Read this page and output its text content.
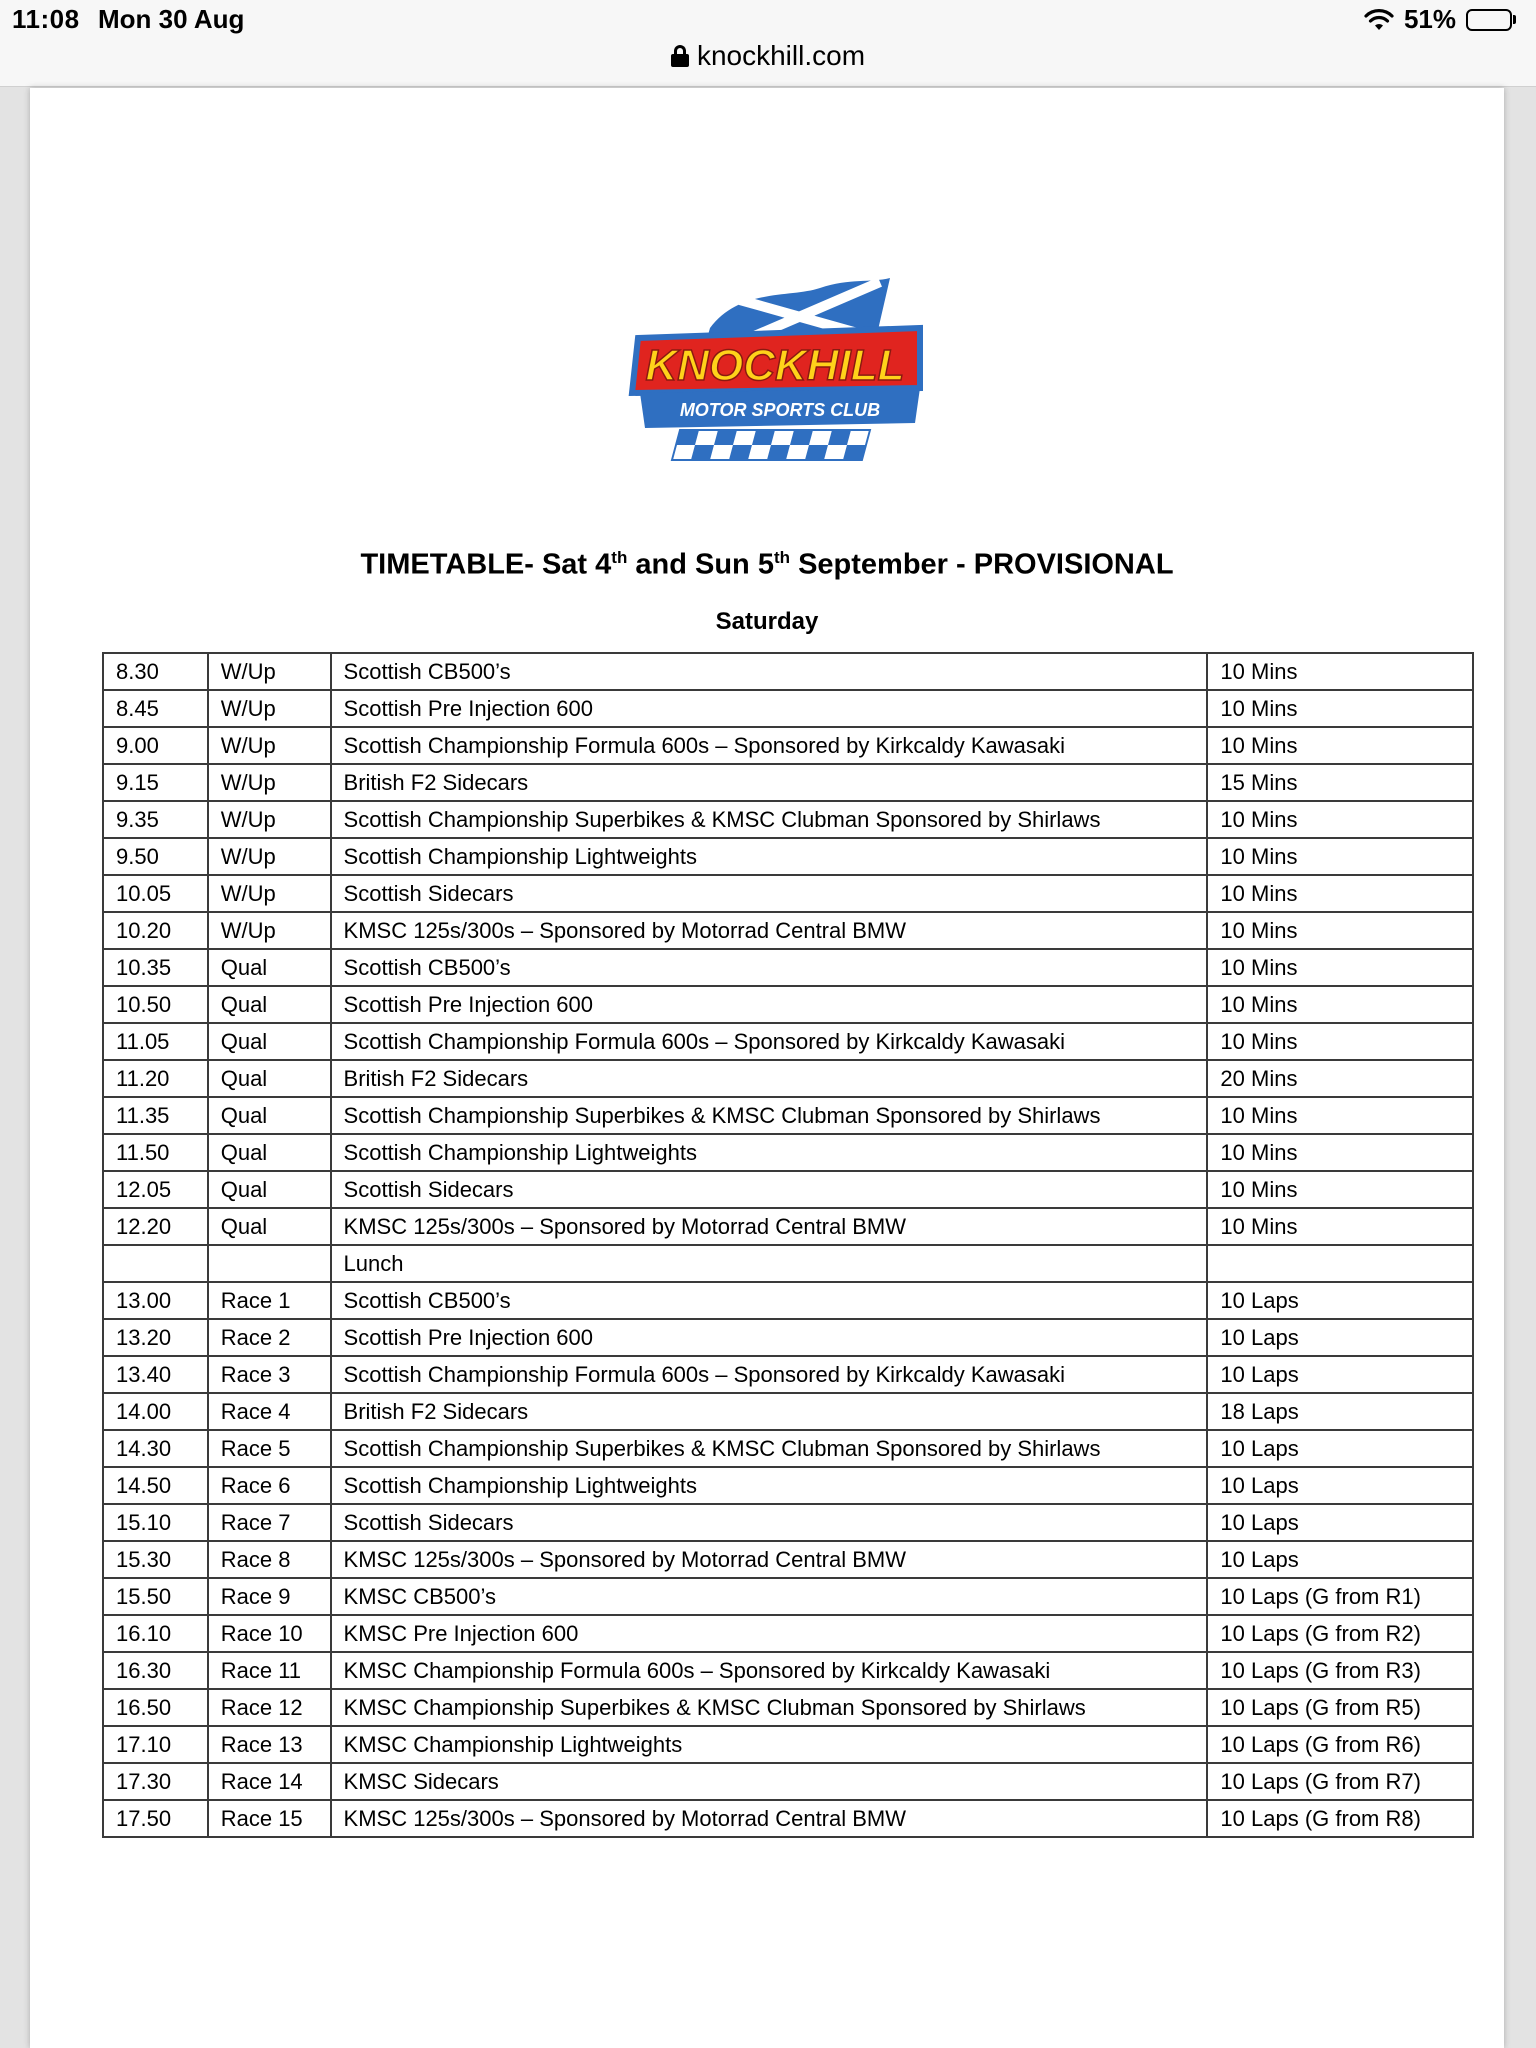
11:08 Mon 30 Aug	51%
knockhill.com
KNOCKHILL
MOTOR SPORTS CLUB
TIMETABLE- Sat 4th and Sun 5th September - PROVISIONAL
Saturday
8.30	W/Up	Scottish CB500’s	10 Mins
8.45	W/Up	Scottish Pre Injection 600	10 Mins
9.00	W/Up	Scottish Championship Formula 600s – Sponsored by Kirkcaldy Kawasaki	10 Mins
9.15	W/Up	British F2 Sidecars	15 Mins
9.35	W/Up	Scottish Championship Superbikes & KMSC Clubman Sponsored by Shirlaws	10 Mins
9.50	W/Up	Scottish Championship Lightweights	10 Mins
10.05	W/Up	Scottish Sidecars	10 Mins
10.20	W/Up	KMSC 125s/300s – Sponsored by Motorrad Central BMW	10 Mins
10.35	Qual	Scottish CB500’s	10 Mins
10.50	Qual	Scottish Pre Injection 600	10 Mins
11.05	Qual	Scottish Championship Formula 600s – Sponsored by Kirkcaldy Kawasaki	10 Mins
11.20	Qual	British F2 Sidecars	20 Mins
11.35	Qual	Scottish Championship Superbikes & KMSC Clubman Sponsored by Shirlaws	10 Mins
11.50	Qual	Scottish Championship Lightweights	10 Mins
12.05	Qual	Scottish Sidecars	10 Mins
12.20	Qual	KMSC 125s/300s – Sponsored by Motorrad Central BMW	10 Mins
		Lunch	
13.00	Race 1	Scottish CB500’s	10 Laps
13.20	Race 2	Scottish Pre Injection 600	10 Laps
13.40	Race 3	Scottish Championship Formula 600s – Sponsored by Kirkcaldy Kawasaki	10 Laps
14.00	Race 4	British F2 Sidecars	18 Laps
14.30	Race 5	Scottish Championship Superbikes & KMSC Clubman Sponsored by Shirlaws	10 Laps
14.50	Race 6	Scottish Championship Lightweights	10 Laps
15.10	Race 7	Scottish Sidecars	10 Laps
15.30	Race 8	KMSC 125s/300s – Sponsored by Motorrad Central BMW	10 Laps
15.50	Race 9	KMSC CB500’s	10 Laps (G from R1)
16.10	Race 10	KMSC Pre Injection 600	10 Laps (G from R2)
16.30	Race 11	KMSC Championship Formula 600s – Sponsored by Kirkcaldy Kawasaki	10 Laps (G from R3)
16.50	Race 12	KMSC Championship Superbikes & KMSC Clubman Sponsored by Shirlaws	10 Laps (G from R5)
17.10	Race 13	KMSC Championship Lightweights	10 Laps (G from R6)
17.30	Race 14	KMSC Sidecars	10 Laps (G from R7)
17.50	Race 15	KMSC 125s/300s – Sponsored by Motorrad Central BMW	10 Laps (G from R8)
